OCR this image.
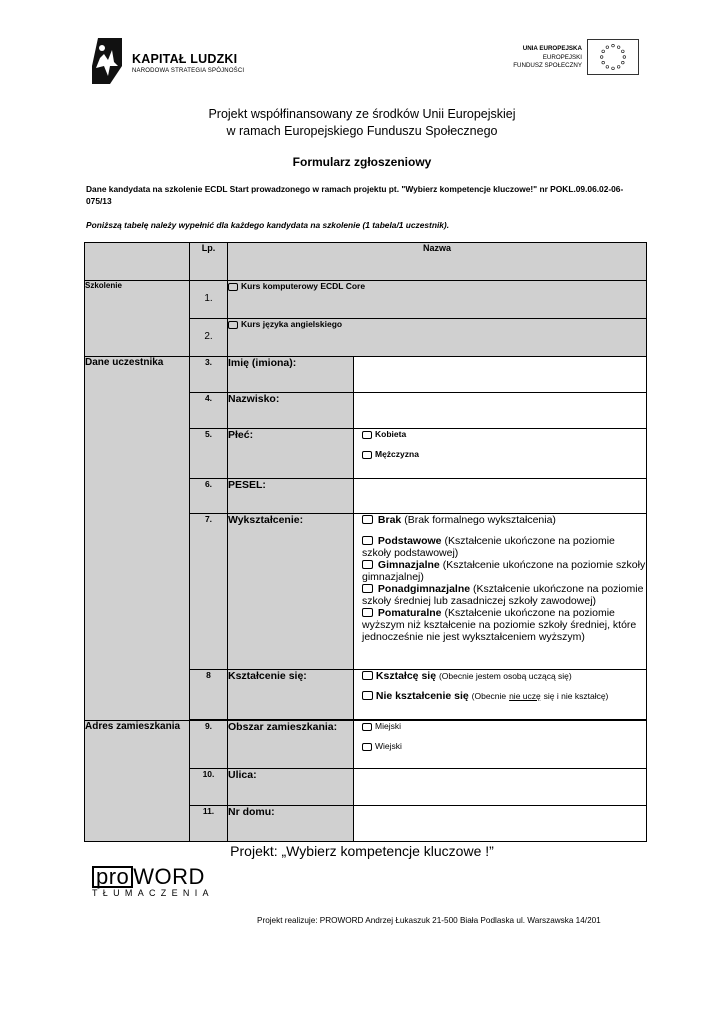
KAPITAŁ LUDZKI
NARODOWA STRATEGIA SPÓJNOŚCI
UNIA EUROPEJSKA
EUROPEJSKI
FUNDUSZ SPOŁECZNY
Projekt współfinansowany ze środków Unii Europejskiej
w ramach Europejskiego Funduszu Społecznego
Formularz zgłoszeniowy
Dane kandydata na szkolenie ECDL Start prowadzonego w ramach projektu pt. "Wybierz kompetencje kluczowe!" nr POKL.09.06.02-06-075/13
Poniższą tabelę należy wypełnić dla każdego kandydata na szkolenie (1 tabela/1 uczestnik).
	Lp.	Nazwa	
Szkolenie	1.	Kurs komputerowy ECDL Core	

	2.	Kurs języka angielskiego	

Dane uczestnika	3.	Imię (imiona):	
	4.	Nazwisko:	
	5.	Płeć:	Kobieta
Mężczyzna

	6.	PESEL:	
	7.	Wykształcenie:	Brak (Brak formalnego wykształcenia)
Podstawowe (Kształcenie ukończone na poziomie szkoły podstawowej)
Gimnazjalne (Kształcenie ukończone na poziomie szkoły gimnazjalnej)
Ponadgimnazjalne (Kształcenie ukończone na poziomie szkoły średniej lub zasadniczej szkoły zawodowej)
Pomaturalne (Kształcenie ukończone na poziomie wyższym niż kształcenie na poziomie szkoły średniej, które jednocześnie nie jest wykształceniem wyższym)

	8	Kształcenie się:	Kształcę się (Obecnie jestem osobą uczącą się)
Nie kształcenie się (Obecnie nie uczę się i nie kształcę)

Adres zamieszkania	9.	Obszar zamieszkania:	Miejski
Wiejski

	10.	Ulica:	
	11.	Nr domu:	
Projekt: „Wybierz kompetencje kluczowe !”
pro WORD
TŁUMACZENIA
Projekt realizuje: PROWORD Andrzej Łukaszuk 21-500 Biała Podlaska ul. Warszawska 14/201
